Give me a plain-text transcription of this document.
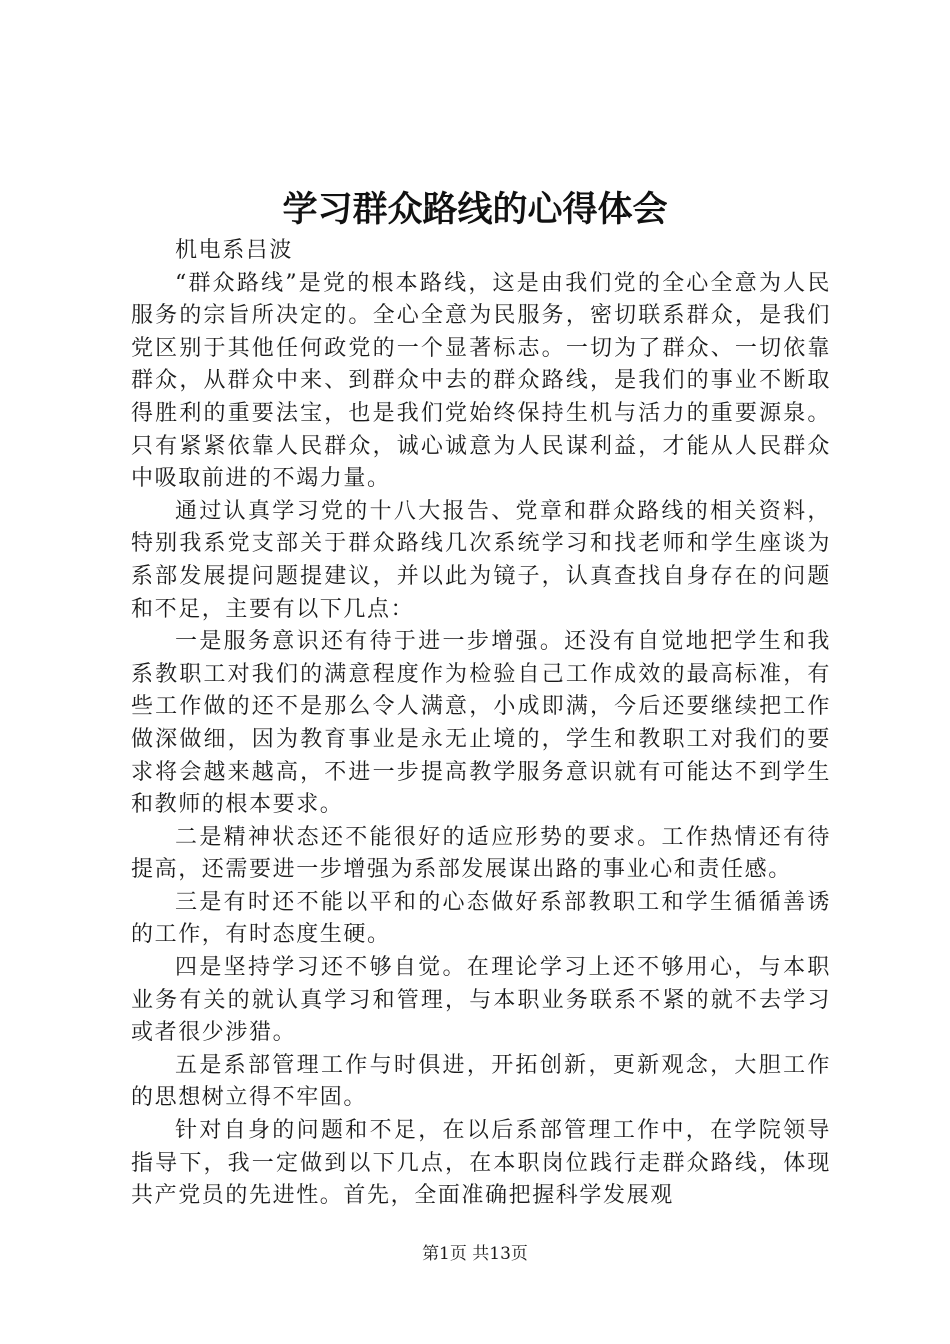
学习群众路线的心得体会

机电系吕波

“群众路线”是党的根本路线，这是由我们党的全心全意为人民服务的宗旨所决定的。全心全意为民服务，密切联系群众，是我们党区别于其他任何政党的一个显著标志。一切为了群众、一切依靠群众，从群众中来、到群众中去的群众路线，是我们的事业不断取得胜利的重要法宝，也是我们党始终保持生机与活力的重要源泉。只有紧紧依靠人民群众，诚心诚意为人民谋利益，才能从人民群众中吸取前进的不竭力量。

通过认真学习党的十八大报告、党章和群众路线的相关资料，特别我系党支部关于群众路线几次系统学习和找老师和学生座谈为系部发展提问题提建议，并以此为镜子，认真查找自身存在的问题和不足，主要有以下几点：

一是服务意识还有待于进一步增强。还没有自觉地把学生和我系教职工对我们的满意程度作为检验自己工作成效的最高标准，有些工作做的还不是那么令人满意，小成即满，今后还要继续把工作做深做细，因为教育事业是永无止境的，学生和教职工对我们的要求将会越来越高，不进一步提高教学服务意识就有可能达不到学生和教师的根本要求。

二是精神状态还不能很好的适应形势的要求。工作热情还有待提高，还需要进一步增强为系部发展谋出路的事业心和责任感。

三是有时还不能以平和的心态做好系部教职工和学生循循善诱的工作，有时态度生硬。

四是坚持学习还不够自觉。在理论学习上还不够用心，与本职业务有关的就认真学习和管理，与本职业务联系不紧的就不去学习或者很少涉猎。

五是系部管理工作与时俱进，开拓创新，更新观念，大胆工作的思想树立得不牢固。

针对自身的问题和不足，在以后系部管理工作中，在学院领导指导下，我一定做到以下几点，在本职岗位践行走群众路线，体现共产党员的先进性。首先，全面准确把握科学发展观

第1页 共13页
